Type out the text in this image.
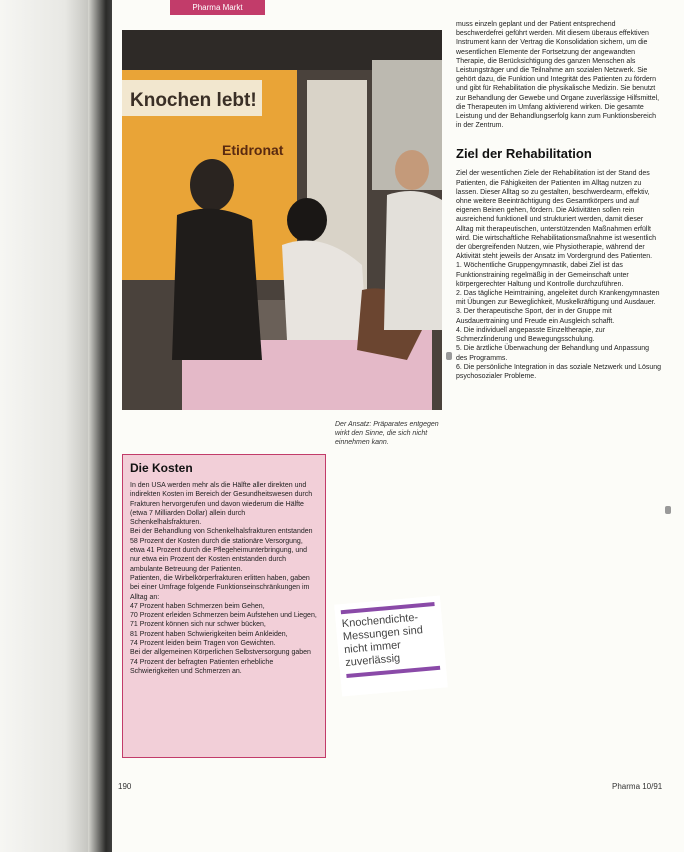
Pharma Markt
Knochen lebt!
Etidronat
Der Ansatz: Präparates entgegen wirkt den Sinne, die sich nicht einnehmen kann.
Die Kosten

In den USA werden mehr als die Hälfte aller direkten und indirekten Kosten im Bereich der Gesundheitswesen durch Frakturen hervorgerufen und davon wiederum die Hälfte (etwa 7 Milliarden Dollar) allein durch Schenkelhalsfrakturen.

Bei der Behandlung von Schenkelhalsfrakturen entstanden 58 Prozent der Kosten durch die stationäre Versorgung, etwa 41 Prozent durch die Pflegeheimunterbringung, und nur etwa ein Prozent der Kosten entstanden durch ambulante Betreuung der Patienten.

Patienten, die Wirbelkörperfrakturen erlitten haben, gaben bei einer Umfrage folgende Funktionseinschränkungen im Alltag an:

47 Prozent haben Schmerzen beim Gehen,

70 Prozent erleiden Schmerzen beim Aufstehen und Liegen,

71 Prozent können sich nur schwer bücken,

81 Prozent haben Schwierigkeiten beim Ankleiden,

74 Prozent leiden beim Tragen von Gewichten.

Bei der allgemeinen Körperlichen Selbstversorgung gaben 74 Prozent der befragten Patienten erhebliche Schwierigkeiten und Schmerzen an.

Knochendichte-Messungen sind nicht immer zuverlässig

muss einzeln geplant und der Patient entsprechend beschwerdefrei geführt werden. Mit diesem überaus effektiven Instrument kann der Vertrag die Konsolidation sichern, um die wesentlichen Elemente der Fortsetzung der angewandten Therapie, die Berücksichtigung des ganzen Menschen als Leistungsträger und die Teilnahme am sozialen Netzwerk. Sie gehört dazu, die Funktion und Integrität des Patienten zu fördern und gibt für Rehabilitation die physikalische Medizin. Sie benutzt zur Behandlung der Gewebe und Organe zuverlässige Hilfsmittel, die Therapeuten im Umfang aktivierend wirken. Die gesamte Leistung und der Behandlungserfolg kann zum Funktionsbereich in der Zentrum.

Ziel der Rehabilitation

Ziel der wesentlichen Ziele der Rehabilitation ist der Stand des Patienten, die Fähigkeiten der Patienten im Alltag nutzen zu lassen. Dieser Alltag so zu gestalten, beschwerdearm, effektiv, ohne weitere Beeinträchtigung des Gesamtkörpers und auf eigenen Beinen gehen, fördern. Die Aktivitäten sollen rein ausreichend funktionell und strukturiert werden, damit dieser Alltag mit therapeutischen, unterstützenden Maßnahmen erfüllt wird. Die wirtschaftliche Rehabilitationsmaßnahme ist wesentlich der übergreifenden Nutzen, wie Physiotherapie, während der Aktivität steht jeweils der Ansatz im Vordergrund des Patienten.

1. Wöchentliche Gruppengymnastik, dabei Ziel ist das Funktionstraining regelmäßig in der Gemeinschaft unter körpergerechter Haltung und Kontrolle durchzuführen.

2. Das tägliche Heimtraining, angeleitet durch Krankengymnasten mit Übungen zur Beweglichkeit, Muskelkräftigung und Ausdauer.

3. Der therapeutische Sport, der in der Gruppe mit Ausdauertraining und Freude ein Ausgleich schafft.

4. Die individuell angepasste Einzeltherapie, zur Schmerzlinderung und Bewegungsschulung.

5. Die ärztliche Überwachung der Behandlung und Anpassung des Programms.

6. Die persönliche Integration in das soziale Netzwerk und Lösung psychosozialer Probleme.

190	Pharma 10/91
